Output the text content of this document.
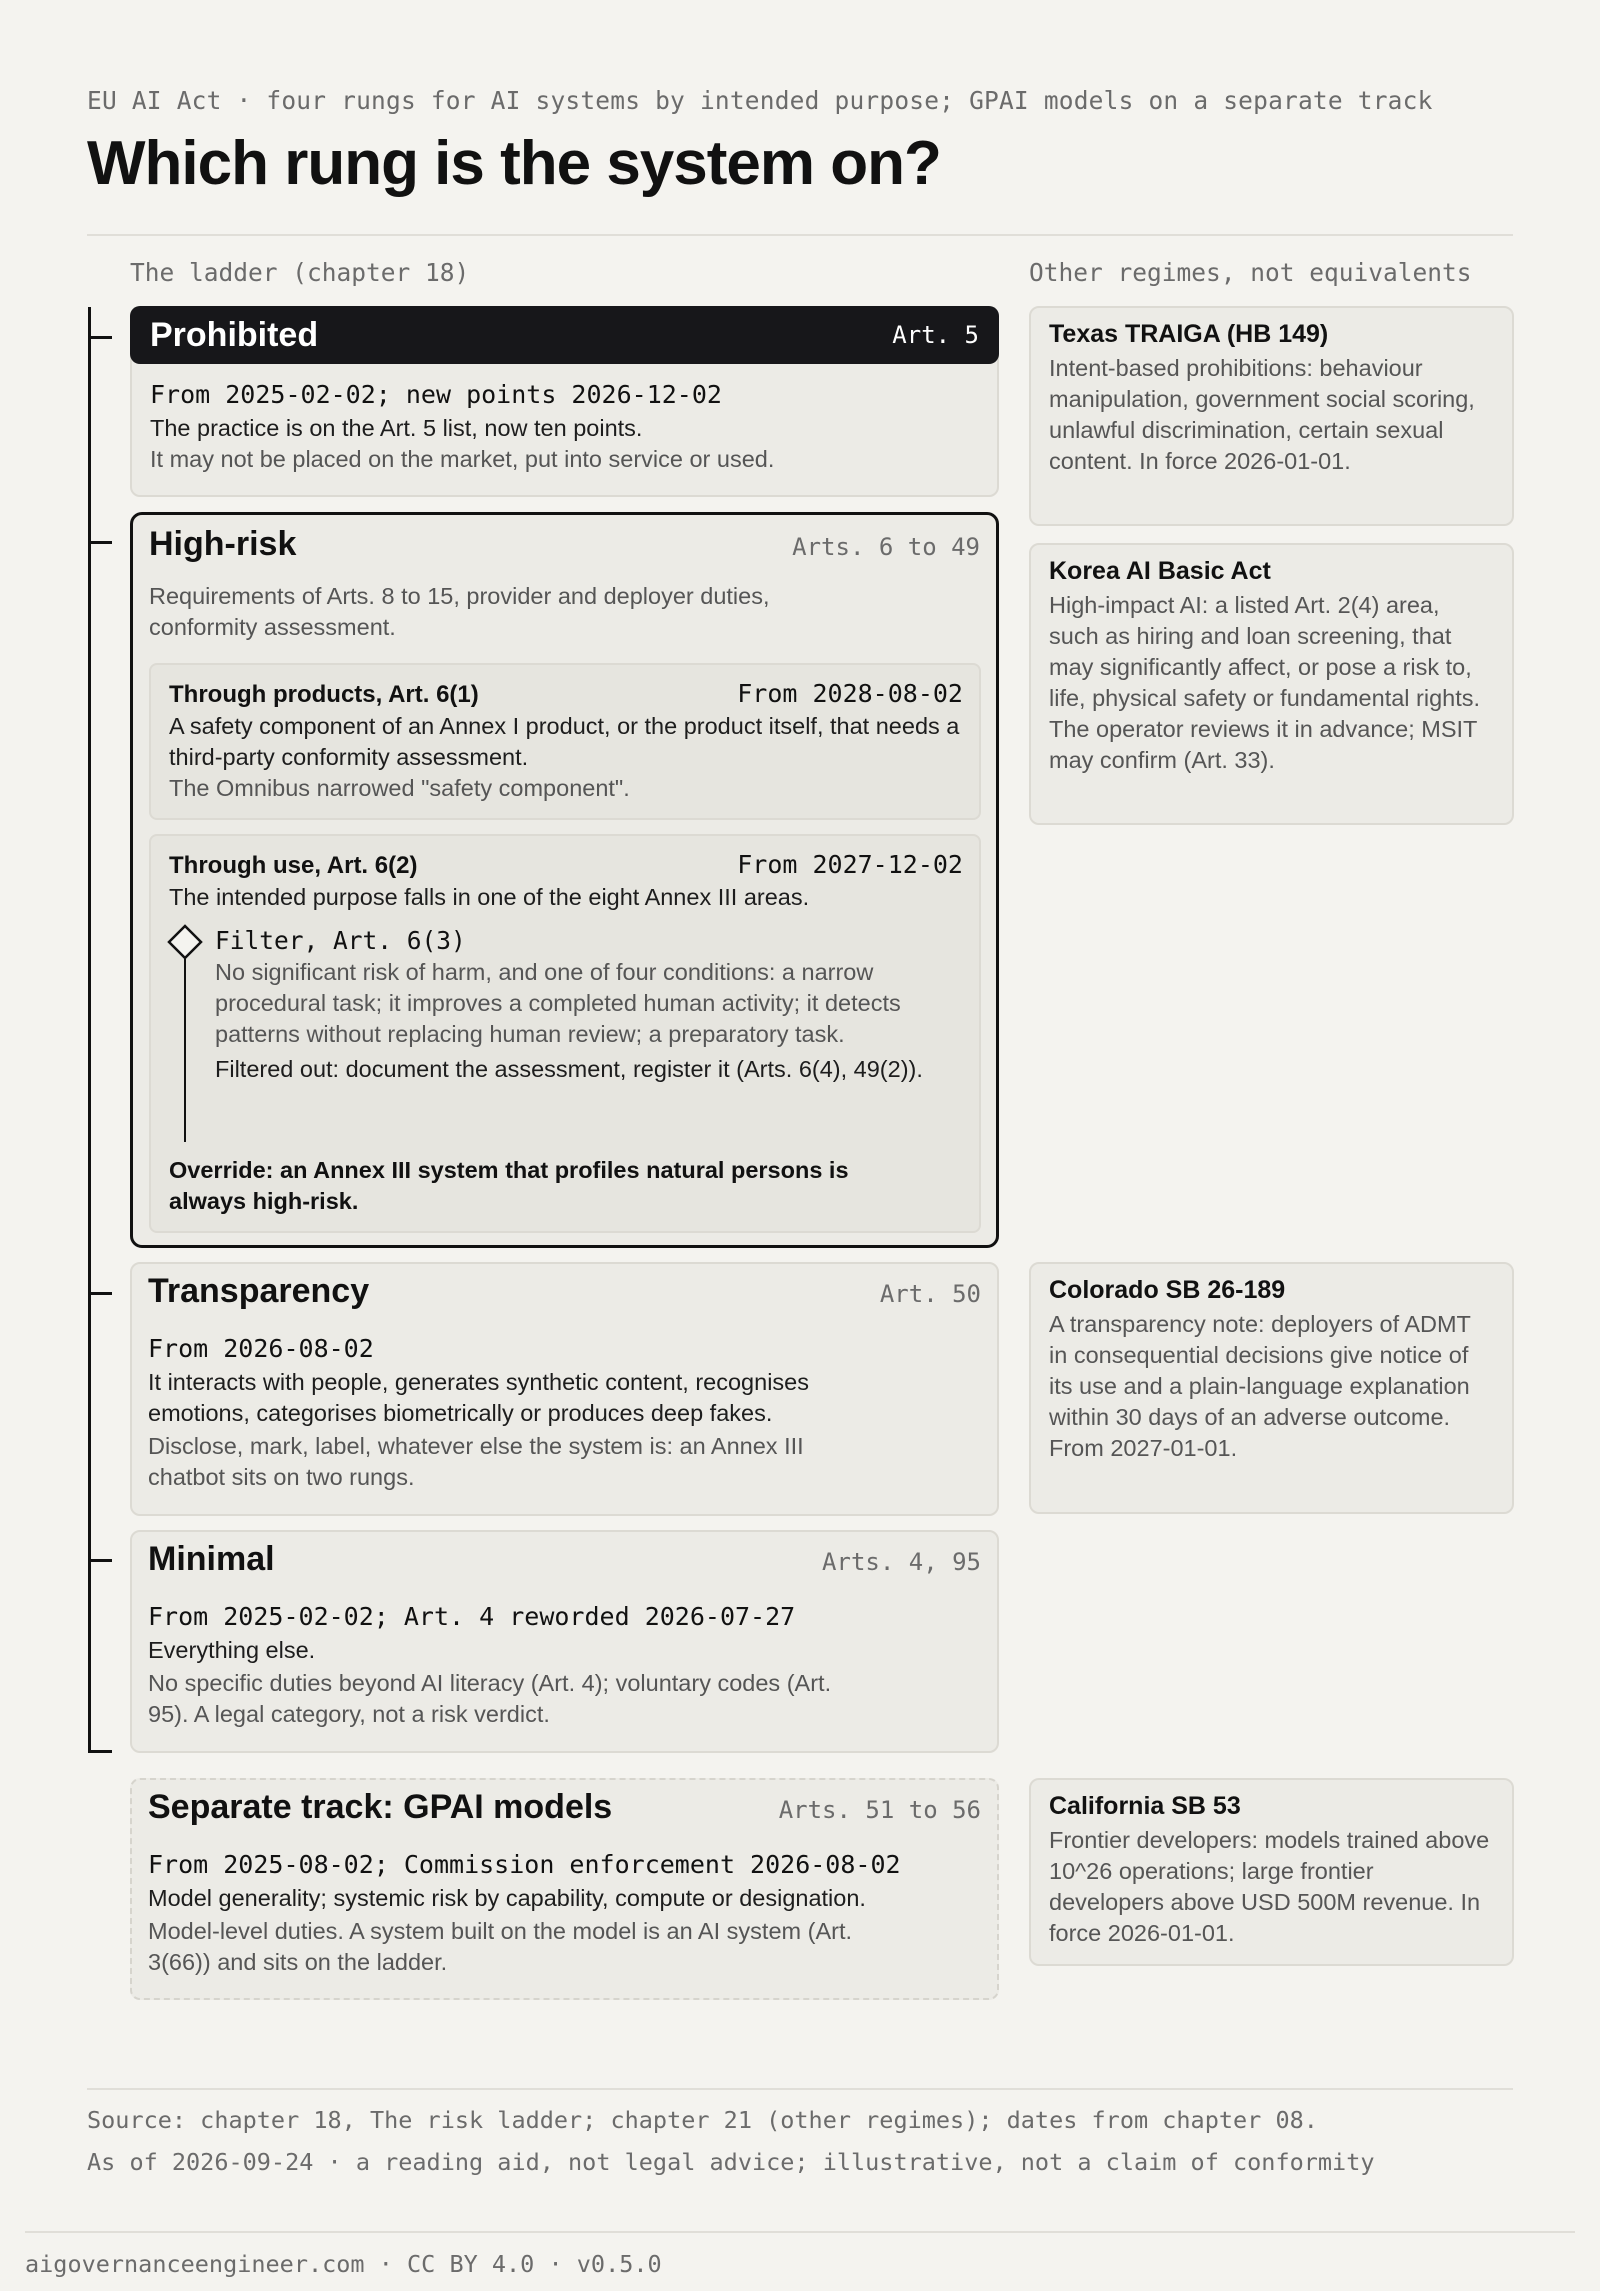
EU AI Act · four rungs for AI systems by intended purpose; GPAI models on a separate track
Which rung is the system on?
The ladder (chapter 18)	Other regimes, not equivalents
Prohibited	Art. 5
From 2025-02-02; new points 2026-12-02
The practice is on the Art. 5 list, now ten points.
It may not be placed on the market, put into service or used.
High-risk	Arts. 6 to 49
Requirements of Arts. 8 to 15, provider and deployer duties, conformity assessment.
Through products, Art. 6(1)	From 2028-08-02
A safety component of an Annex I product, or the product itself, that needs a third-party conformity assessment.
The Omnibus narrowed "safety component".
Through use, Art. 6(2)	From 2027-12-02
The intended purpose falls in one of the eight Annex III areas.
Filter, Art. 6(3)
No significant risk of harm, and one of four conditions: a narrow procedural task; it improves a completed human activity; it detects patterns without replacing human review; a preparatory task.
Filtered out: document the assessment, register it (Arts. 6(4), 49(2)).
Override: an Annex III system that profiles natural persons is always high-risk.
Transparency	Art. 50
From 2026-08-02
It interacts with people, generates synthetic content, recognises emotions, categorises biometrically or produces deep fakes.
Disclose, mark, label, whatever else the system is: an Annex III chatbot sits on two rungs.
Minimal	Arts. 4, 95
From 2025-02-02; Art. 4 reworded 2026-07-27
Everything else.
No specific duties beyond AI literacy (Art. 4); voluntary codes (Art. 95). A legal category, not a risk verdict.
Separate track: GPAI models	Arts. 51 to 56
From 2025-08-02; Commission enforcement 2026-08-02
Model generality; systemic risk by capability, compute or designation.
Model-level duties. A system built on the model is an AI system (Art. 3(66)) and sits on the ladder.
Texas TRAIGA (HB 149)
Intent-based prohibitions: behaviour manipulation, government social scoring, unlawful discrimination, certain sexual content. In force 2026-01-01.
Korea AI Basic Act
High-impact AI: a listed Art. 2(4) area, such as hiring and loan screening, that may significantly affect, or pose a risk to, life, physical safety or fundamental rights. The operator reviews it in advance; MSIT may confirm (Art. 33).
Colorado SB 26-189
A transparency note: deployers of ADMT in consequential decisions give notice of its use and a plain-language explanation within 30 days of an adverse outcome. From 2027-01-01.
California SB 53
Frontier developers: models trained above 10^26 operations; large frontier developers above USD 500M revenue. In force 2026-01-01.
Source: chapter 18, The risk ladder; chapter 21 (other regimes); dates from chapter 08.
As of 2026-09-24 · a reading aid, not legal advice; illustrative, not a claim of conformity
aigovernanceengineer.com · CC BY 4.0 · v0.5.0
